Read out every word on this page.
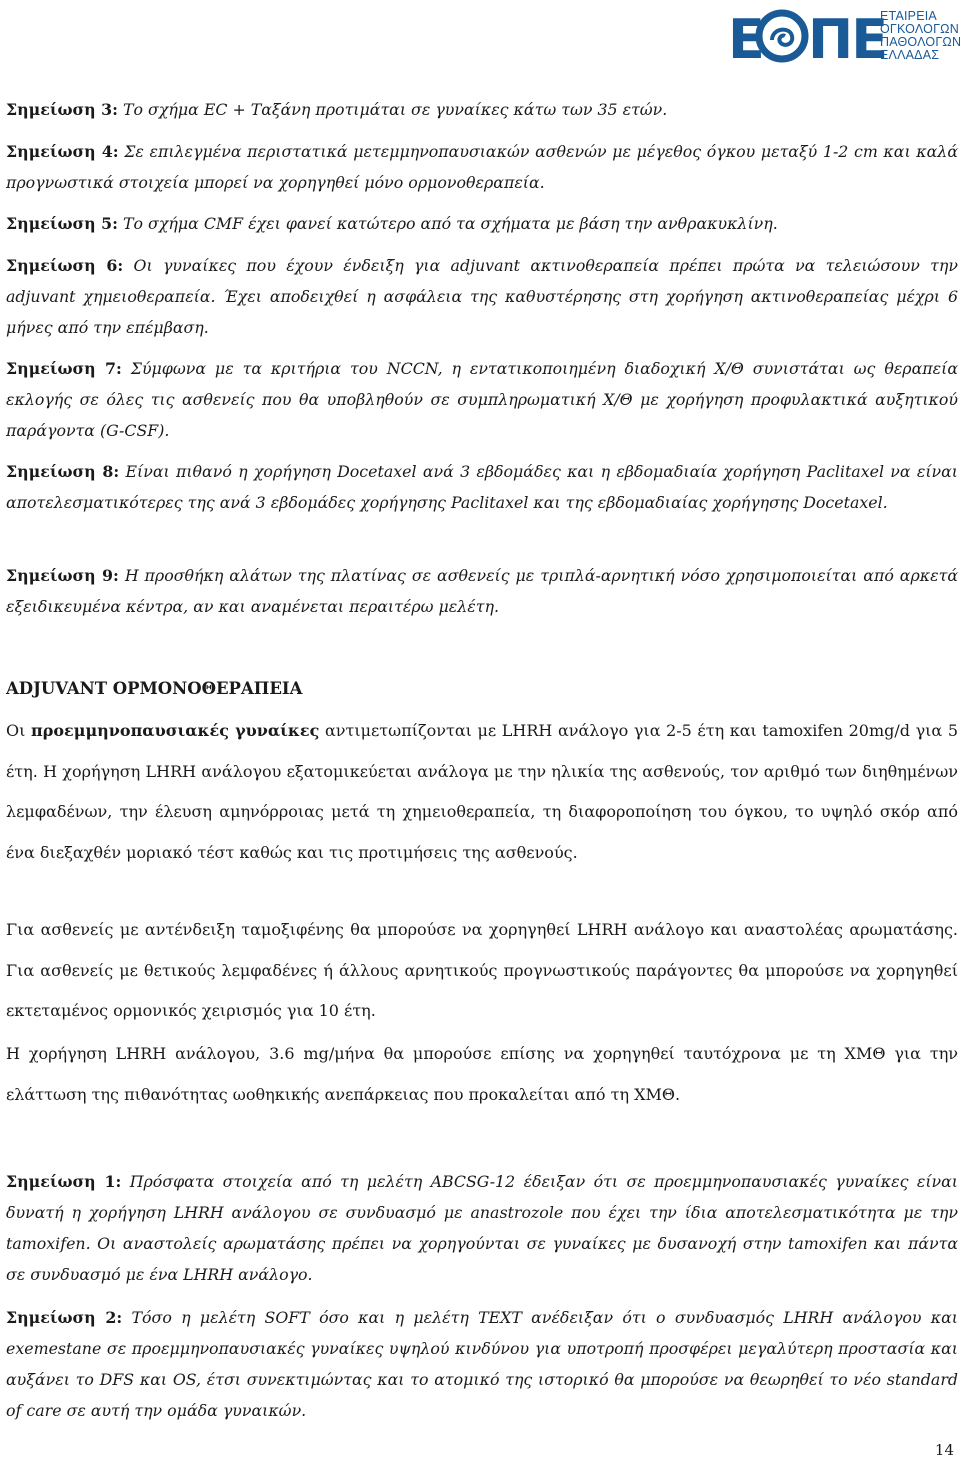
Ε ΠΕ
ΕΤΑΙΡΕΙΑ
ΟΓΚΟΛΟΓΩΝ
ΠΑΘΟΛΟΓΩΝ
ΕΛΛΑΔΑΣ

Σημείωση 3: Το σχήμα EC + Ταξάνη προτιμάται σε γυναίκες κάτω των 35 ετών.

Σημείωση 4: Σε επιλεγμένα περιστατικά μετεμμηνοπαυσιακών ασθενών με μέγεθος όγκου μεταξύ 1-2 cm και καλά προγνωστικά στοιχεία μπορεί να χορηγηθεί μόνο ορμονοθεραπεία.

Σημείωση 5: Το σχήμα CMF έχει φανεί κατώτερο από τα σχήματα με βάση την ανθρακυκλίνη.

Σημείωση 6: Οι γυναίκες που έχουν ένδειξη για adjuvant ακτινοθεραπεία πρέπει πρώτα να τελειώσουν την adjuvant χημειοθεραπεία. Έχει αποδειχθεί η ασφάλεια της καθυστέρησης στη χορήγηση ακτινοθεραπείας μέχρι 6 μήνες από την επέμβαση.

Σημείωση 7: Σύμφωνα με τα κριτήρια του NCCN, η εντατικοποιημένη διαδοχική Χ/Θ συνιστάται ως θεραπεία εκλογής σε όλες τις ασθενείς που θα υποβληθούν σε συμπληρωματική Χ/Θ με χορήγηση προφυλακτικά αυξητικού παράγοντα (G-CSF).

Σημείωση 8: Είναι πιθανό η χορήγηση Docetaxel ανά 3 εβδομάδες και η εβδομαδιαία χορήγηση Paclitaxel να είναι αποτελεσματικότερες της ανά 3 εβδομάδες χορήγησης Paclitaxel και της εβδομαδιαίας χορήγησης Docetaxel.

Σημείωση 9: Η προσθήκη αλάτων της πλατίνας σε ασθενείς με τριπλά-αρνητική νόσο χρησιμοποιείται από αρκετά εξειδικευμένα κέντρα, αν και αναμένεται περαιτέρω μελέτη.

ADJUVANT ΟΡΜΟΝΟΘΕΡΑΠΕΙΑ

Οι προεμμηνοπαυσιακές γυναίκες αντιμετωπίζονται με LHRH ανάλογο για 2-5 έτη και tamoxifen 20mg/d για 5 έτη. Η χορήγηση LHRH ανάλογου εξατομικεύεται ανάλογα με την ηλικία της ασθενούς, τον αριθμό των διηθημένων λεμφαδένων, την έλευση αμηνόρροιας μετά τη χημειοθεραπεία, τη διαφοροποίηση του όγκου, το υψηλό σκόρ από ένα διεξαχθέν μοριακό τέστ καθώς και τις προτιμήσεις της ασθενούς.

Για ασθενείς με αντένδειξη ταμοξιφένης θα μπορούσε να χορηγηθεί LHRH ανάλογο και αναστολέας αρωματάσης. Για ασθενείς με θετικούς λεμφαδένες ή άλλους αρνητικούς προγνωστικούς παράγοντες θα μπορούσε να χορηγηθεί εκτεταμένος ορμονικός χειρισμός για 10 έτη.

Η χορήγηση LHRH ανάλογου, 3.6 mg/μήνα θα μπορούσε επίσης να χορηγηθεί ταυτόχρονα με τη ΧΜΘ για την ελάττωση της πιθανότητας ωοθηκικής ανεπάρκειας που προκαλείται από τη ΧΜΘ.

Σημείωση 1: Πρόσφατα στοιχεία από τη μελέτη ABCSG-12 έδειξαν ότι σε προεμμηνοπαυσιακές γυναίκες είναι δυνατή η χορήγηση LHRH ανάλογου σε συνδυασμό με anastrozole που έχει την ίδια αποτελεσματικότητα με την tamoxifen. Οι αναστολείς αρωματάσης πρέπει να χορηγούνται σε γυναίκες με δυσανοχή στην tamoxifen και πάντα σε συνδυασμό με ένα LHRH ανάλογο.

Σημείωση 2: Τόσο η μελέτη SOFT όσο και η μελέτη TEXT ανέδειξαν ότι ο συνδυασμός LHRH ανάλογου και exemestane σε προεμμηνοπαυσιακές γυναίκες υψηλού κινδύνου για υποτροπή προσφέρει μεγαλύτερη προστασία και αυξάνει το DFS και OS, έτσι συνεκτιμώντας και το ατομικό της ιστορικό θα μπορούσε να θεωρηθεί το νέο standard of care σε αυτή την ομάδα γυναικών.

14
